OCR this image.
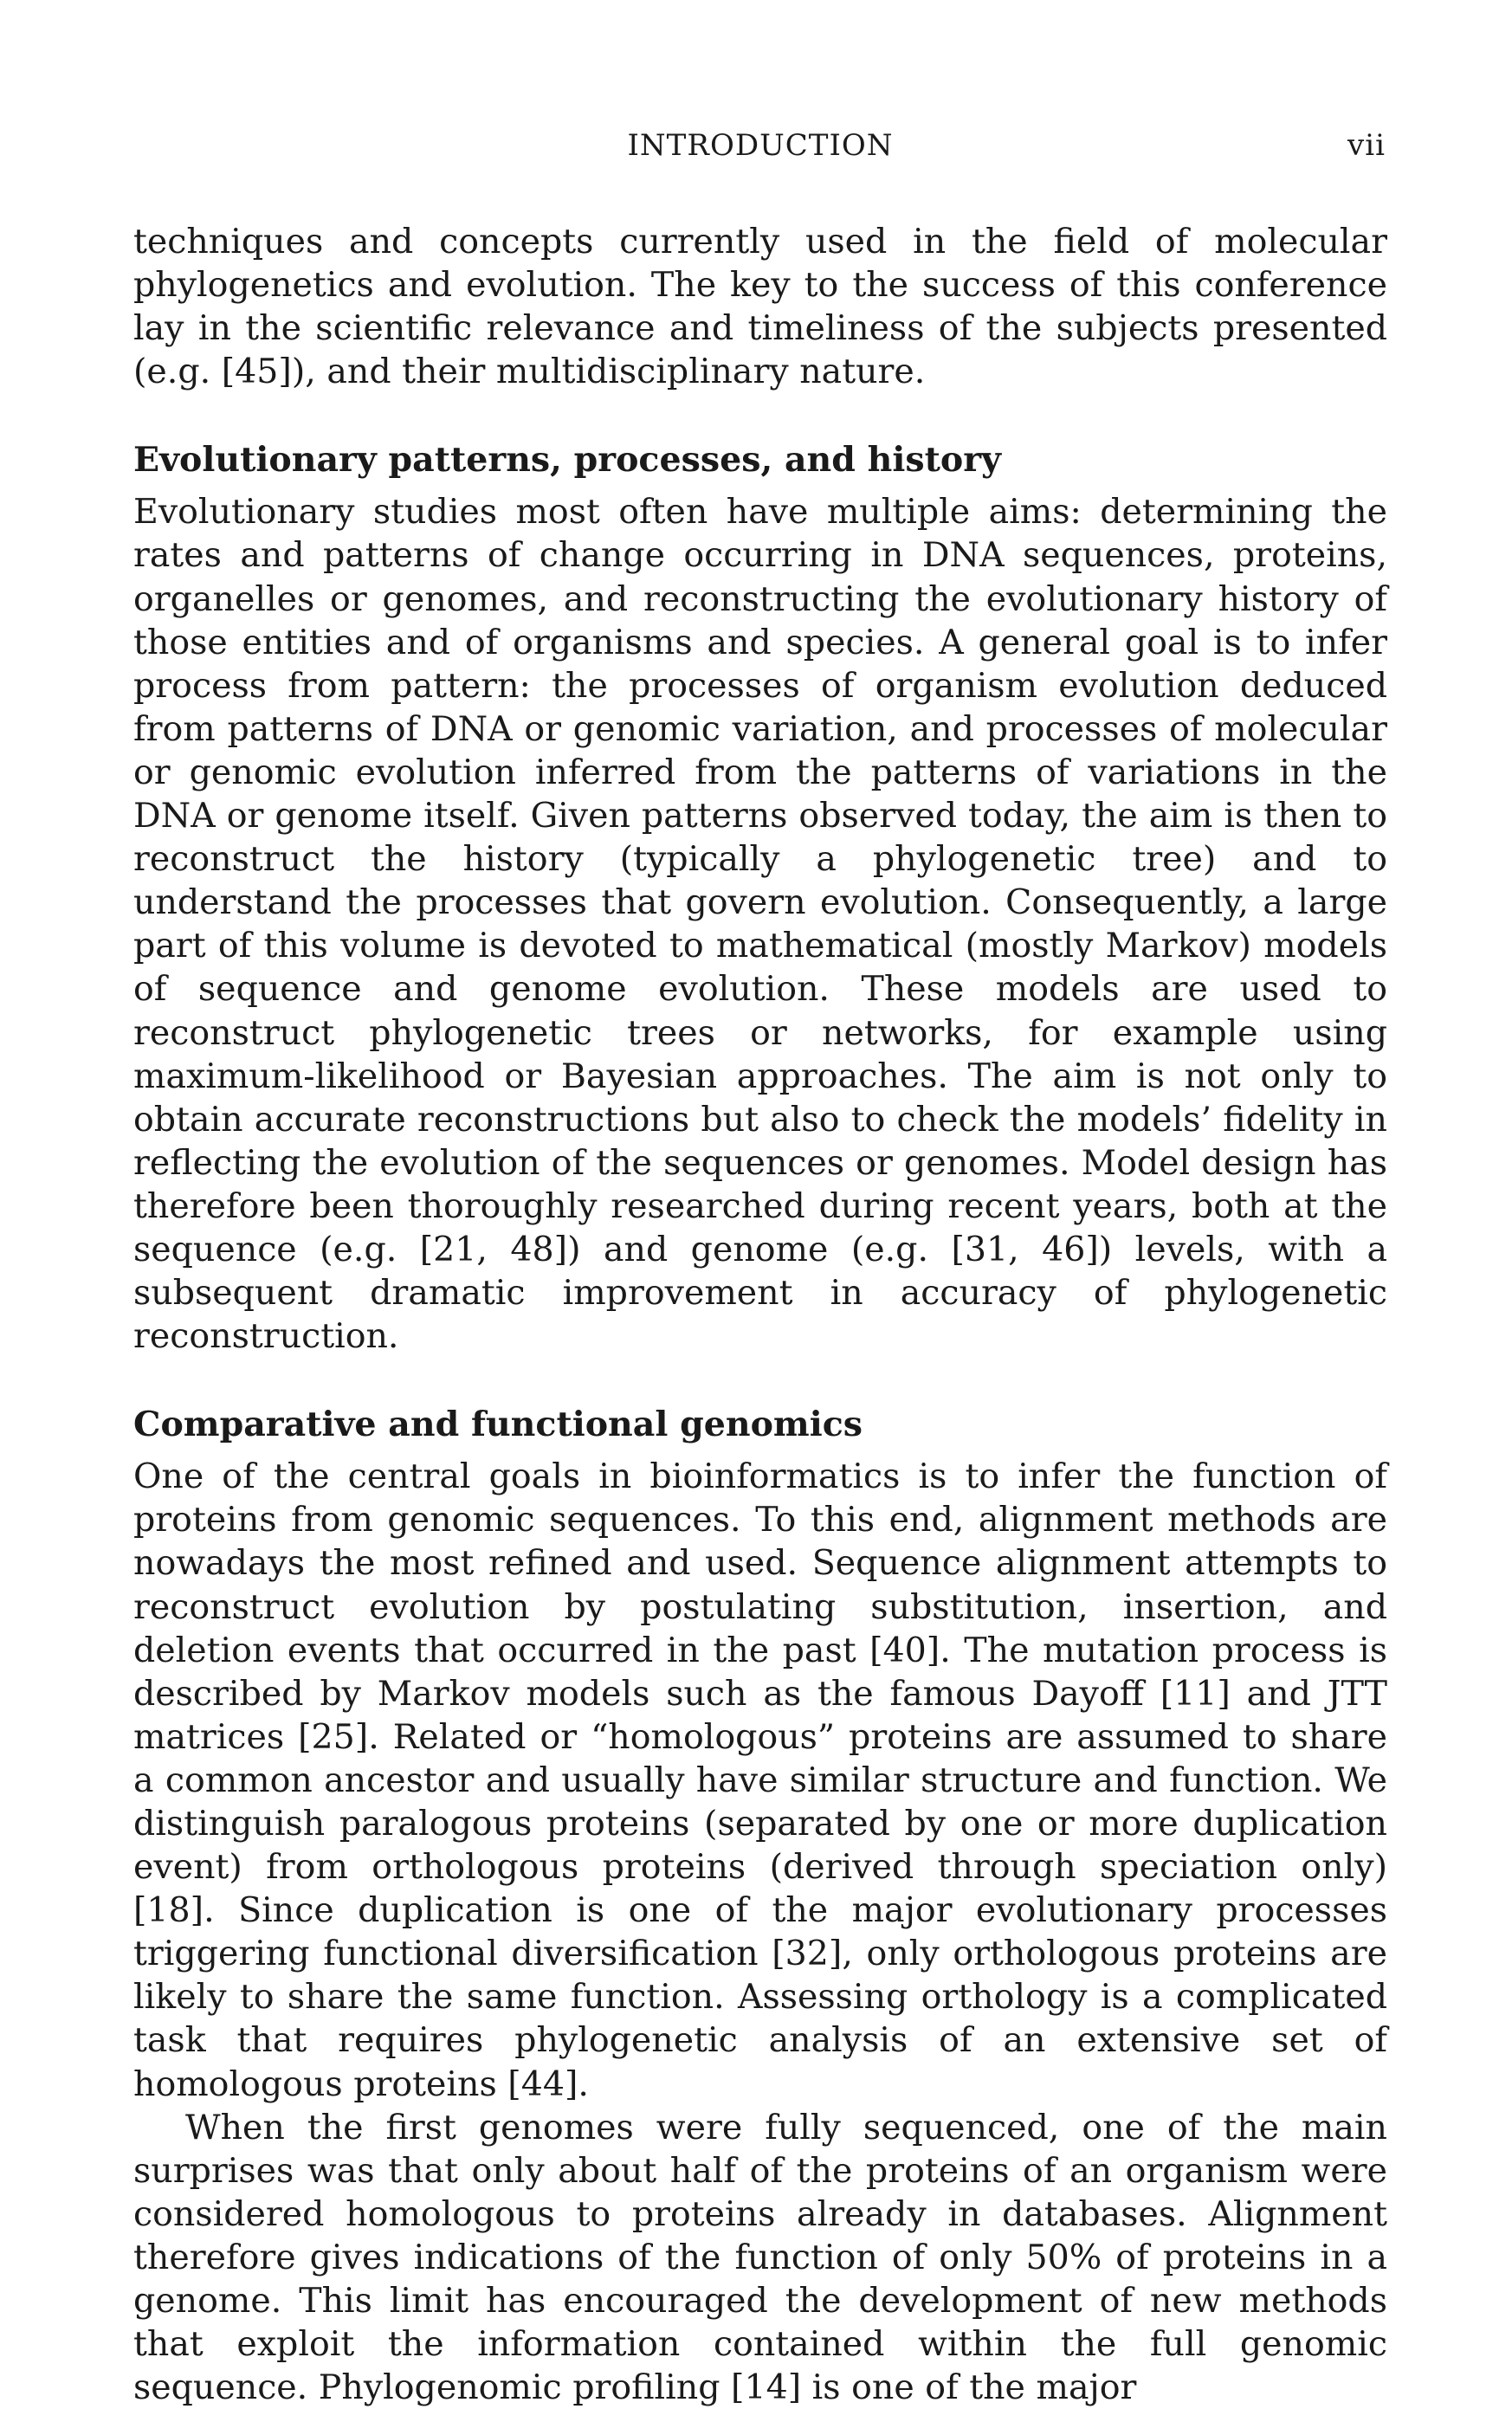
INTRODUCTION	vii

techniques and concepts currently used in the field of molecular phylogenetics and evolution. The key to the success of this conference lay in the scientific relevance and timeliness of the subjects presented (e.g. [45]), and their multidisciplinary nature.

Evolutionary patterns, processes, and history

Evolutionary studies most often have multiple aims: determining the rates and patterns of change occurring in DNA sequences, proteins, organelles or genomes, and reconstructing the evolutionary history of those entities and of organisms and species. A general goal is to infer process from pattern: the processes of organism evolution deduced from patterns of DNA or genomic variation, and processes of molecular or genomic evolution inferred from the patterns of variations in the DNA or genome itself. Given patterns observed today, the aim is then to reconstruct the history (typically a phylogenetic tree) and to understand the processes that govern evolution. Consequently, a large part of this volume is devoted to mathematical (mostly Markov) models of sequence and genome evolution. These models are used to reconstruct phylogenetic trees or networks, for example using maximum-likelihood or Bayesian approaches. The aim is not only to obtain accurate reconstructions but also to check the models’ fidelity in reflecting the evolution of the sequences or genomes. Model design has therefore been thoroughly researched during recent years, both at the sequence (e.g. [21, 48]) and genome (e.g. [31, 46]) levels, with a subsequent dramatic improvement in accuracy of phylogenetic reconstruction.

Comparative and functional genomics

One of the central goals in bioinformatics is to infer the function of proteins from genomic sequences. To this end, alignment methods are nowadays the most refined and used. Sequence alignment attempts to reconstruct evolution by postulating substitution, insertion, and deletion events that occurred in the past [40]. The mutation process is described by Markov models such as the famous Dayoff [11] and JTT matrices [25]. Related or “homologous” proteins are assumed to share a common ancestor and usually have similar structure and function. We distinguish paralogous proteins (separated by one or more duplication event) from orthologous proteins (derived through speciation only) [18]. Since duplication is one of the major evolutionary processes triggering functional diversification [32], only orthologous proteins are likely to share the same function. Assessing orthology is a complicated task that requires phylogenetic analysis of an extensive set of homologous proteins [44].

When the first genomes were fully sequenced, one of the main surprises was that only about half of the proteins of an organism were considered homologous to proteins already in databases. Alignment therefore gives indications of the function of only 50% of proteins in a genome. This limit has encouraged the development of new methods that exploit the information contained within the full genomic sequence. Phylogenomic profiling [14] is one of the major
